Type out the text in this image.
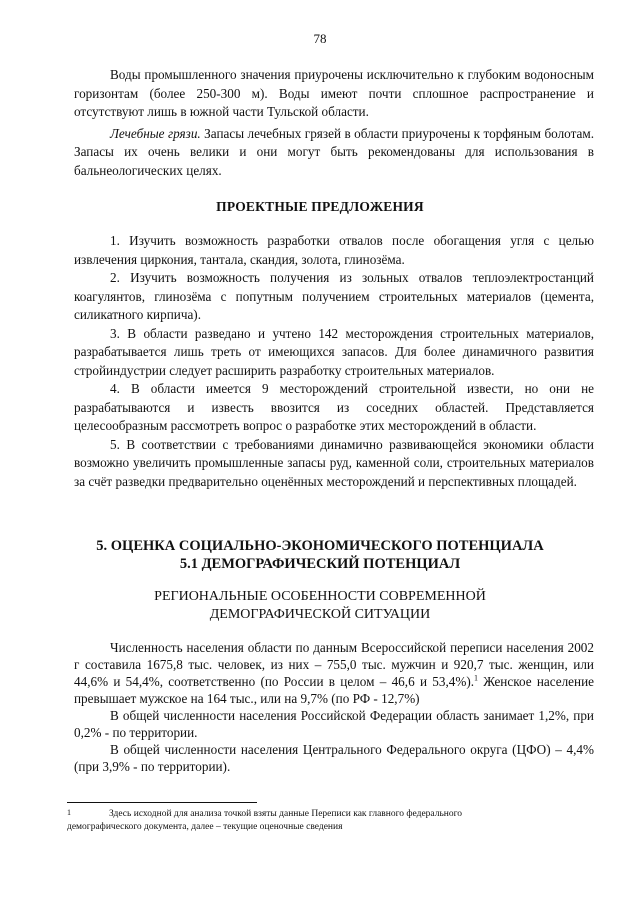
78

Воды промышленного значения приурочены исключительно к глубоким водоносным горизонтам (более 250-300 м). Воды имеют почти сплошное распространение и отсутствуют лишь в южной части Тульской области.

Лечебные грязи. Запасы лечебных грязей в области приурочены к торфяным болотам. Запасы их очень велики и они могут быть рекомендованы для использования в бальнеологических целях.

ПРОЕКТНЫЕ ПРЕДЛОЖЕНИЯ

1. Изучить возможность разработки отвалов после обогащения угля с целью извлечения циркония, тантала, скандия, золота, глинозёма.

2. Изучить возможность получения из зольных отвалов теплоэлектростанций коагулянтов, глинозёма с попутным получением строительных материалов (цемента, силикатного кирпича).

3. В области разведано и учтено 142 месторождения строительных материалов, разрабатывается лишь треть от имеющихся запасов. Для более динамичного развития стройиндустрии следует расширить разработку строительных материалов.

4. В области имеется 9 месторождений строительной извести, но они не разрабатываются и известь ввозится из соседних областей. Представляется целесообразным рассмотреть вопрос о разработке этих месторождений в области.

5. В соответствии с требованиями динамично развивающейся экономики области возможно увеличить промышленные запасы руд, каменной соли, строительных материалов за счёт разведки предварительно оценённых месторождений и перспективных площадей.

5. ОЦЕНКА СОЦИАЛЬНО-ЭКОНОМИЧЕСКОГО ПОТЕНЦИАЛА
5.1 ДЕМОГРАФИЧЕСКИЙ ПОТЕНЦИАЛ
РЕГИОНАЛЬНЫЕ ОСОБЕННОСТИ СОВРЕМЕННОЙ
ДЕМОГРАФИЧЕСКОЙ СИТУАЦИИ

Численность населения области по данным Всероссийской переписи населения 2002 г составила 1675,8 тыс. человек, из них – 755,0 тыс. мужчин и 920,7 тыс. женщин, или 44,6% и 54,4%, соответственно (по России в целом – 46,6 и 53,4%).$^1$ Женское население превышает мужское на 164 тыс., или на 9,7% (по РФ - 12,7%)

В общей численности населения Российской Федерации область занимает 1,2%, при 0,2% - по территории.

В общей численности населения Центрального Федерального округа (ЦФО) – 4,4% (при 3,9% - по территории).

1	Здесь исходной для анализа точкой взяты данные Переписи как главного федерального демографического документа, далее – текущие оценочные сведения
